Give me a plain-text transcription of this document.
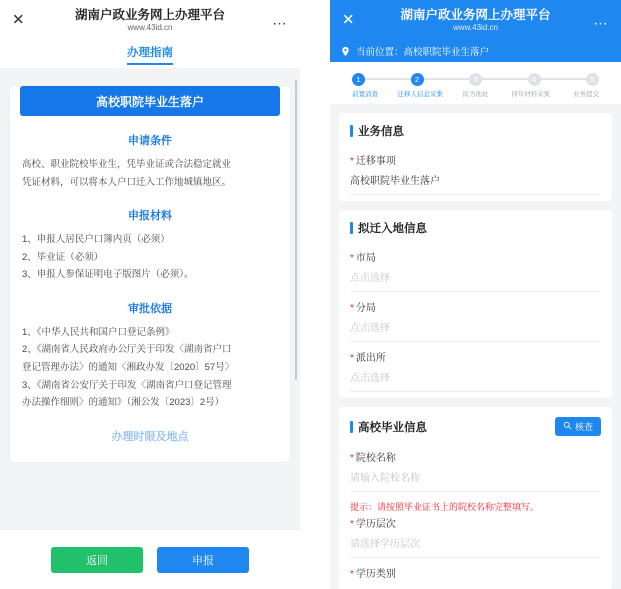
✕	湖南户政业务网上办理平台
www.43id.cn	…
办理指南
高校职院毕业生落户
申请条件

高校、职业院校毕业生，凭毕业证或合法稳定就业

凭证材料，可以将本人户口迁入工作地城镇地区。

申报材料

1、申报人居民户口簿内页（必须）

2、毕业证（必须）

3、申报人参保证明电子版图片（必须）。

审批依据

1、《中华人民共和国户口登记条例》

2、《湖南省人民政府办公厅关于印发〈湖南省户口

登记管理办法〉的通知〈湘政办发〔2020〕57号〉

3、《湖南省公安厅关于印发〈湖南省户口登记管理

办法操作细则〉的通知》（湘公发〔2023〕2号）

办理时限及地点
返回	申报
✕	湖南户政业务网上办理平台
www.43id.cn	…
当前位置：高校职院毕业生落户
1	2	3	4	5
前置消查	迁移人信息采集	拟为地址	同年材料采集	业务提交
业务信息
* 迁移事项
高校职院毕业生落户
拟迁入地信息
* 市局
点击选择
* 分局
点击选择
* 派出所
点击选择
高校毕业信息	核查
* 院校名称
请输入院校名称
提示：请按照毕业证书上的院校名称完整填写。
* 学历层次
请选择学历层次
* 学历类别
